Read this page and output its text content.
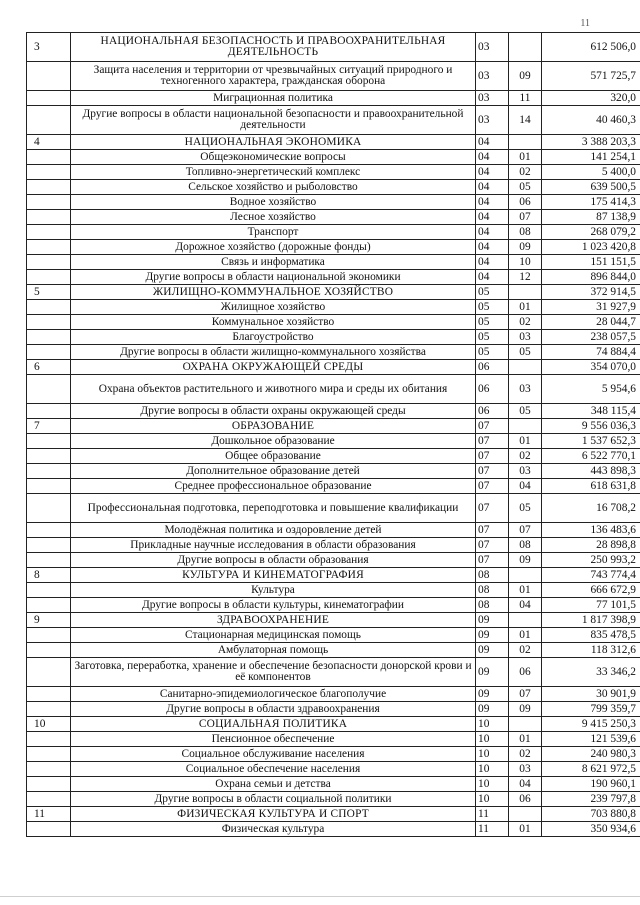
11
3	НАЦИОНАЛЬНАЯ БЕЗОПАСНОСТЬ И ПРАВООХРАНИТЕЛЬНАЯ ДЕЯТЕЛЬНОСТЬ	03		612 506,0
	Защита населения и территории от чрезвычайных ситуаций природного и техногенного характера, гражданская оборона	03	09	571 725,7
	Миграционная политика	03	11	320,0
	Другие вопросы в области национальной безопасности и правоохранительной деятельности	03	14	40 460,3
4	НАЦИОНАЛЬНАЯ ЭКОНОМИКА	04		3 388 203,3
	Общеэкономические вопросы	04	01	141 254,1
	Топливно-энергетический комплекс	04	02	5 400,0
	Сельское хозяйство и рыболовство	04	05	639 500,5
	Водное хозяйство	04	06	175 414,3
	Лесное хозяйство	04	07	87 138,9
	Транспорт	04	08	268 079,2
	Дорожное хозяйство (дорожные фонды)	04	09	1 023 420,8
	Связь и информатика	04	10	151 151,5
	Другие вопросы в области национальной экономики	04	12	896 844,0
5	ЖИЛИЩНО-КОММУНАЛЬНОЕ ХОЗЯЙСТВО	05		372 914,5
	Жилищное хозяйство	05	01	31 927,9
	Коммунальное хозяйство	05	02	28 044,7
	Благоустройство	05	03	238 057,5
	Другие вопросы в области жилищно-коммунального хозяйства	05	05	74 884,4
6	ОХРАНА ОКРУЖАЮЩЕЙ СРЕДЫ	06		354 070,0
	Охрана объектов растительного и животного мира и среды их обитания	06	03	5 954,6
	Другие вопросы в области охраны окружающей среды	06	05	348 115,4
7	ОБРАЗОВАНИЕ	07		9 556 036,3
	Дошкольное образование	07	01	1 537 652,3
	Общее образование	07	02	6 522 770,1
	Дополнительное образование детей	07	03	443 898,3
	Среднее профессиональное образование	07	04	618 631,8
	Профессиональная подготовка, переподготовка и повышение квалификации	07	05	16 708,2
	Молодёжная политика и оздоровление детей	07	07	136 483,6
	Прикладные научные исследования в области образования	07	08	28 898,8
	Другие вопросы в области образования	07	09	250 993,2
8	КУЛЬТУРА И КИНЕМАТОГРАФИЯ	08		743 774,4
	Культура	08	01	666 672,9
	Другие вопросы в области культуры, кинематографии	08	04	77 101,5
9	ЗДРАВООХРАНЕНИЕ	09		1 817 398,9
	Стационарная медицинская помощь	09	01	835 478,5
	Амбулаторная помощь	09	02	118 312,6
	Заготовка, переработка, хранение и обеспечение безопасности донорской крови и её компонентов	09	06	33 346,2
	Санитарно-эпидемиологическое благополучие	09	07	30 901,9
	Другие вопросы в области здравоохранения	09	09	799 359,7
10	СОЦИАЛЬНАЯ ПОЛИТИКА	10		9 415 250,3
	Пенсионное обеспечение	10	01	121 539,6
	Социальное обслуживание населения	10	02	240 980,3
	Социальное обеспечение населения	10	03	8 621 972,5
	Охрана семьи и детства	10	04	190 960,1
	Другие вопросы в области социальной политики	10	06	239 797,8
11	ФИЗИЧЕСКАЯ КУЛЬТУРА И СПОРТ	11		703 880,8
	Физическая культура	11	01	350 934,6
